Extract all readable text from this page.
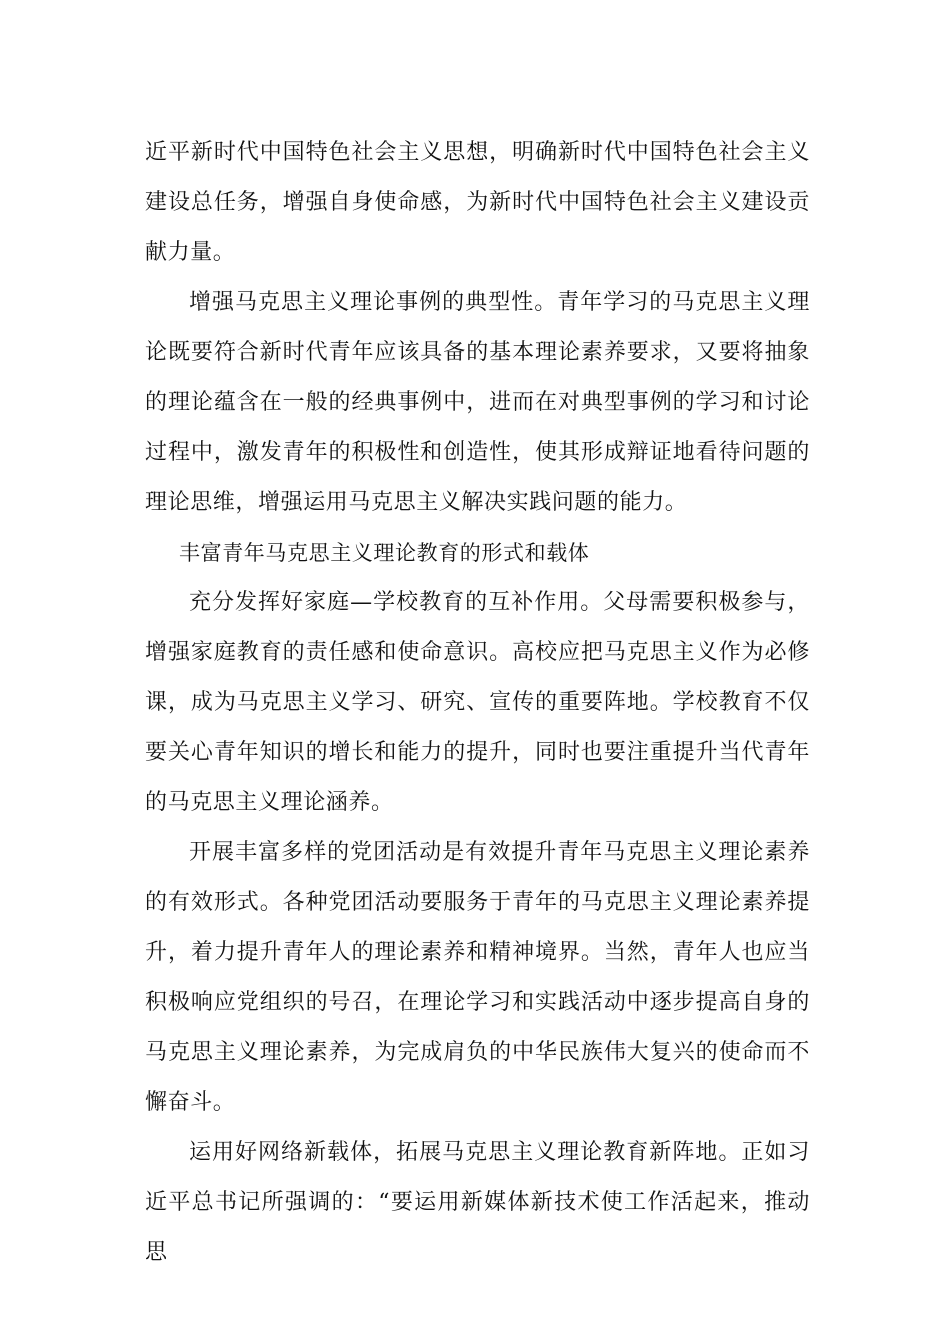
近平新时代中国特色社会主义思想，明确新时代中国特色社会主义建设总任务，增强自身使命感，为新时代中国特色社会主义建设贡献力量。

增强马克思主义理论事例的典型性。青年学习的马克思主义理论既要符合新时代青年应该具备的基本理论素养要求，又要将抽象的理论蕴含在一般的经典事例中，进而在对典型事例的学习和讨论过程中，激发青年的积极性和创造性，使其形成辩证地看待问题的理论思维，增强运用马克思主义解决实践问题的能力。

丰富青年马克思主义理论教育的形式和载体

充分发挥好家庭—学校教育的互补作用。父母需要积极参与，增强家庭教育的责任感和使命意识。高校应把马克思主义作为必修课，成为马克思主义学习、研究、宣传的重要阵地。学校教育不仅要关心青年知识的增长和能力的提升，同时也要注重提升当代青年的马克思主义理论涵养。

开展丰富多样的党团活动是有效提升青年马克思主义理论素养的有效形式。各种党团活动要服务于青年的马克思主义理论素养提升，着力提升青年人的理论素养和精神境界。当然，青年人也应当积极响应党组织的号召，在理论学习和实践活动中逐步提高自身的马克思主义理论素养，为完成肩负的中华民族伟大复兴的使命而不懈奋斗。

运用好网络新载体，拓展马克思主义理论教育新阵地。正如习近平总书记所强调的：“要运用新媒体新技术使工作活起来，推动思
